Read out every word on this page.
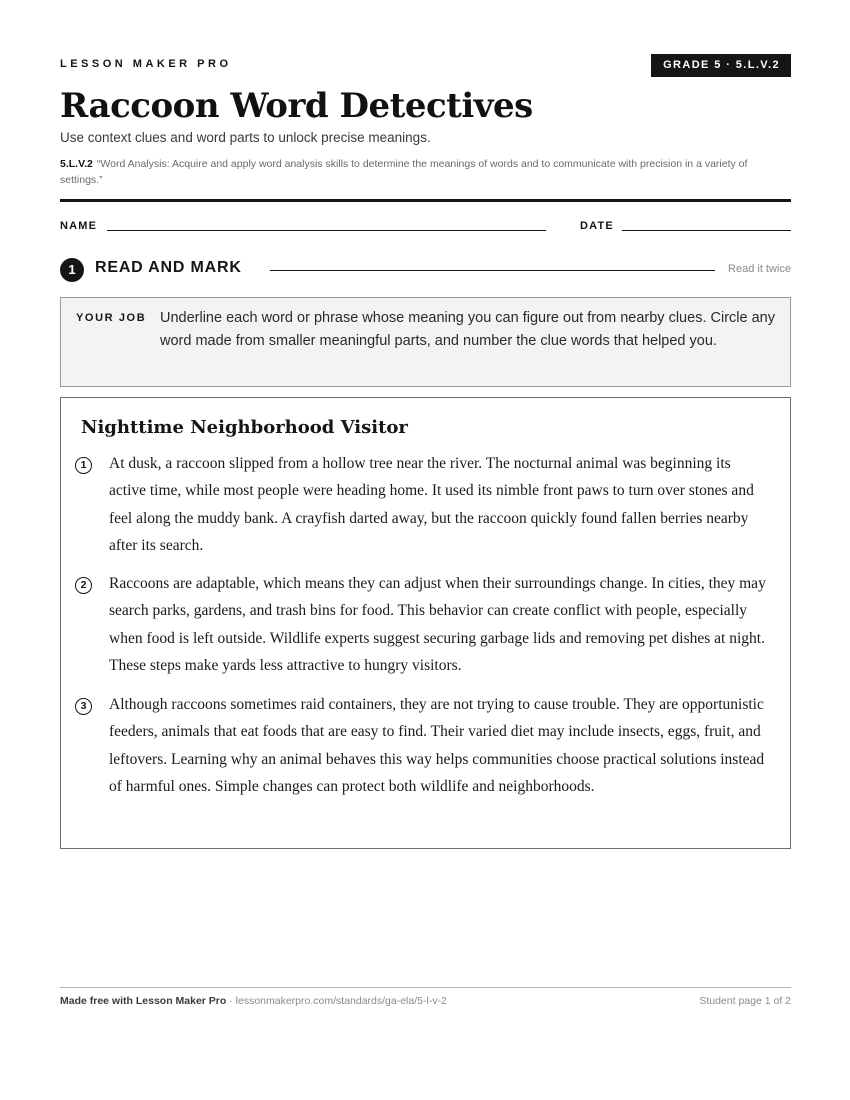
LESSON MAKER PRO	GRADE 5 · 5.L.V.2
Raccoon Word Detectives
Use context clues and word parts to unlock precise meanings.
5.L.V.2 “Word Analysis: Acquire and apply word analysis skills to determine the meanings of words and to communicate with precision in a variety of settings.”
NAME	DATE
1	READ AND MARK	Read it twice
YOUR JOB Underline each word or phrase whose meaning you can figure out from nearby clues. Circle any word made from smaller meaningful parts, and number the clue words that helped you.
Nighttime Neighborhood Visitor
1	At dusk, a raccoon slipped from a hollow tree near the river. The nocturnal animal was beginning its active time, while most people were heading home. It used its nimble front paws to turn over stones and feel along the muddy bank. A crayfish darted away, but the raccoon quickly found fallen berries nearby after its search.

2	Raccoons are adaptable, which means they can adjust when their surroundings change. In cities, they may search parks, gardens, and trash bins for food. This behavior can create conflict with people, especially when food is left outside. Wildlife experts suggest securing garbage lids and removing pet dishes at night. These steps make yards less attractive to hungry visitors.

3	Although raccoons sometimes raid containers, they are not trying to cause trouble. They are opportunistic feeders, animals that eat foods that are easy to find. Their varied diet may include insects, eggs, fruit, and leftovers. Learning why an animal behaves this way helps communities choose practical solutions instead of harmful ones. Simple changes can protect both wildlife and neighborhoods.

Made free with Lesson Maker Pro · lessonmakerpro.com/standards/ga-ela/5-l-v-2	Student page 1 of 2
